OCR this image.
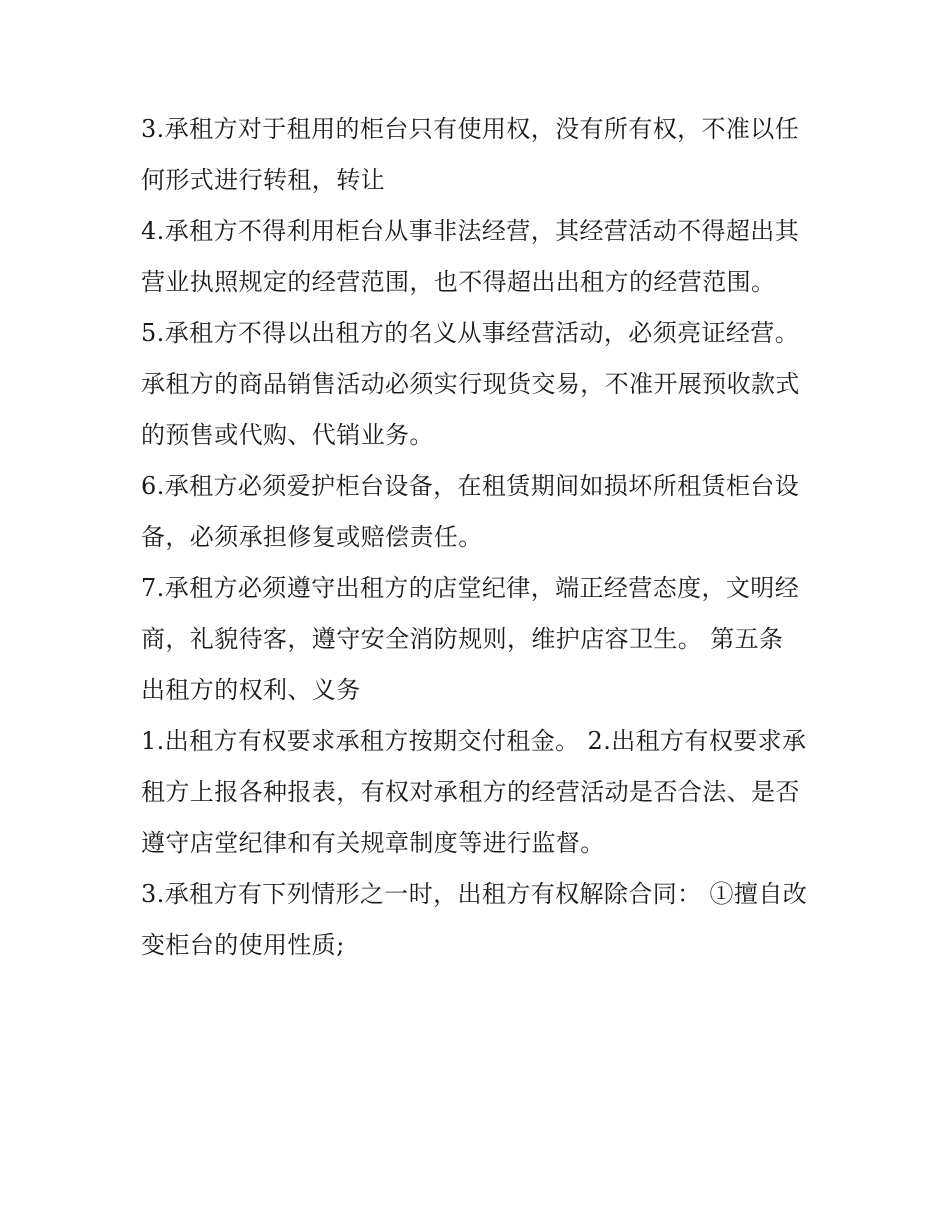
3.承租方对于租用的柜台只有使用权，没有所有权，不准以任
何形式进行转租，转让
4.承租方不得利用柜台从事非法经营，其经营活动不得超出其
营业执照规定的经营范围，也不得超出出租方的经营范围。
5.承租方不得以出租方的名义从事经营活动，必须亮证经营。
承租方的商品销售活动必须实行现货交易，不准开展预收款式
的预售或代购、代销业务。
6.承租方必须爱护柜台设备，在租赁期间如损坏所租赁柜台设
备，必须承担修复或赔偿责任。
7.承租方必须遵守出租方的店堂纪律，端正经营态度，文明经
商，礼貌待客，遵守安全消防规则，维护店容卫生。 第五条
出租方的权利、义务
1.出租方有权要求承租方按期交付租金。 2.出租方有权要求承
租方上报各种报表，有权对承租方的经营活动是否合法、是否
遵守店堂纪律和有关规章制度等进行监督。
3.承租方有下列情形之一时，出租方有权解除合同： ①擅自改
变柜台的使用性质;
